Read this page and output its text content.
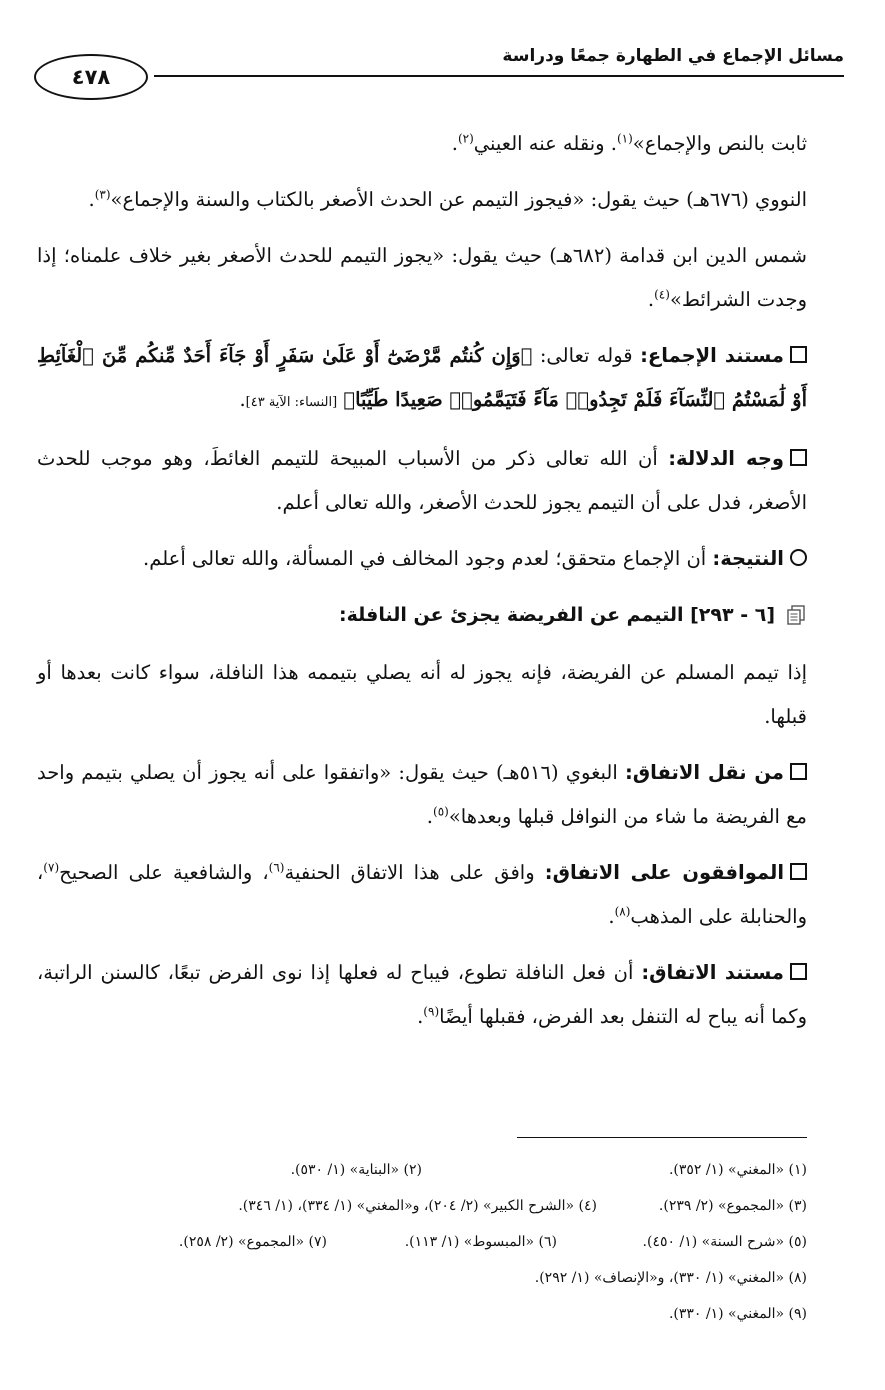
مسائل الإجماع في الطهارة جمعًا ودراسة
٤٧٨

ثابت بالنص والإجماع»$^{(١)}$. ونقله عنه العيني$^{(٢)}$.

النووي (٦٧٦هـ) حيث يقول: «فيجوز التيمم عن الحدث الأصغر بالكتاب والسنة والإجماع»$^{(٣)}$.

شمس الدين ابن قدامة (٦٨٢هـ) حيث يقول: «يجوز التيمم للحدث الأصغر بغير خلاف علمناه؛ إذا وجدت الشرائط»$^{(٤)}$.

مستند الإجماع: قوله تعالى: ﴿وَإِن كُنتُم مَّرْضَىٰٓ أَوْ عَلَىٰ سَفَرٍ أَوْ جَآءَ أَحَدٌ مِّنكُم مِّنَ ٱلْغَآئِطِ أَوْ لَٰمَسْتُمُ ٱلنِّسَآءَ فَلَمْ تَجِدُوا۟ مَآءً فَتَيَمَّمُوا۟ صَعِيدًا طَيِّبًا﴾ [النساء: الآية ٤٣].

وجه الدلالة: أن الله تعالى ذكر من الأسباب المبيحة للتيمم الغائطَ، وهو موجب للحدث الأصغر، فدل على أن التيمم يجوز للحدث الأصغر، والله تعالى أعلم.

النتيجة: أن الإجماع متحقق؛ لعدم وجود المخالف في المسألة، والله تعالى أعلم.

[٦ - ٢٩٣] التيمم عن الفريضة يجزئ عن النافلة:

إذا تيمم المسلم عن الفريضة، فإنه يجوز له أنه يصلي بتيممه هذا النافلة، سواء كانت بعدها أو قبلها.

من نقل الاتفاق: البغوي (٥١٦هـ) حيث يقول: «واتفقوا على أنه يجوز أن يصلي بتيمم واحد مع الفريضة ما شاء من النوافل قبلها وبعدها»$^{(٥)}$.

الموافقون على الاتفاق: وافق على هذا الاتفاق الحنفية$^{(٦)}$، والشافعية على الصحيح$^{(٧)}$، والحنابلة على المذهب$^{(٨)}$.

مستند الاتفاق: أن فعل النافلة تطوع، فيباح له فعلها إذا نوى الفرض تبعًا، كالسنن الراتبة، وكما أنه يباح له التنفل بعد الفرض، فقبلها أيضًا$^{(٩)}$.

(١) «المغني» (١/ ٣٥٢).
(٢) «البناية» (١/ ٥٣٠).
(٣) «المجموع» (٢/ ٢٣٩).
(٤) «الشرح الكبير» (٢/ ٢٠٤)، و«المغني» (١/ ٣٣٤)، (١/ ٣٤٦).
(٥) «شرح السنة» (١/ ٤٥٠).
(٦) «المبسوط» (١/ ١١٣).
(٧) «المجموع» (٢/ ٢٥٨).
(٨) «المغني» (١/ ٣٣٠)، و«الإنصاف» (١/ ٢٩٢).
(٩) «المغني» (١/ ٣٣٠).
